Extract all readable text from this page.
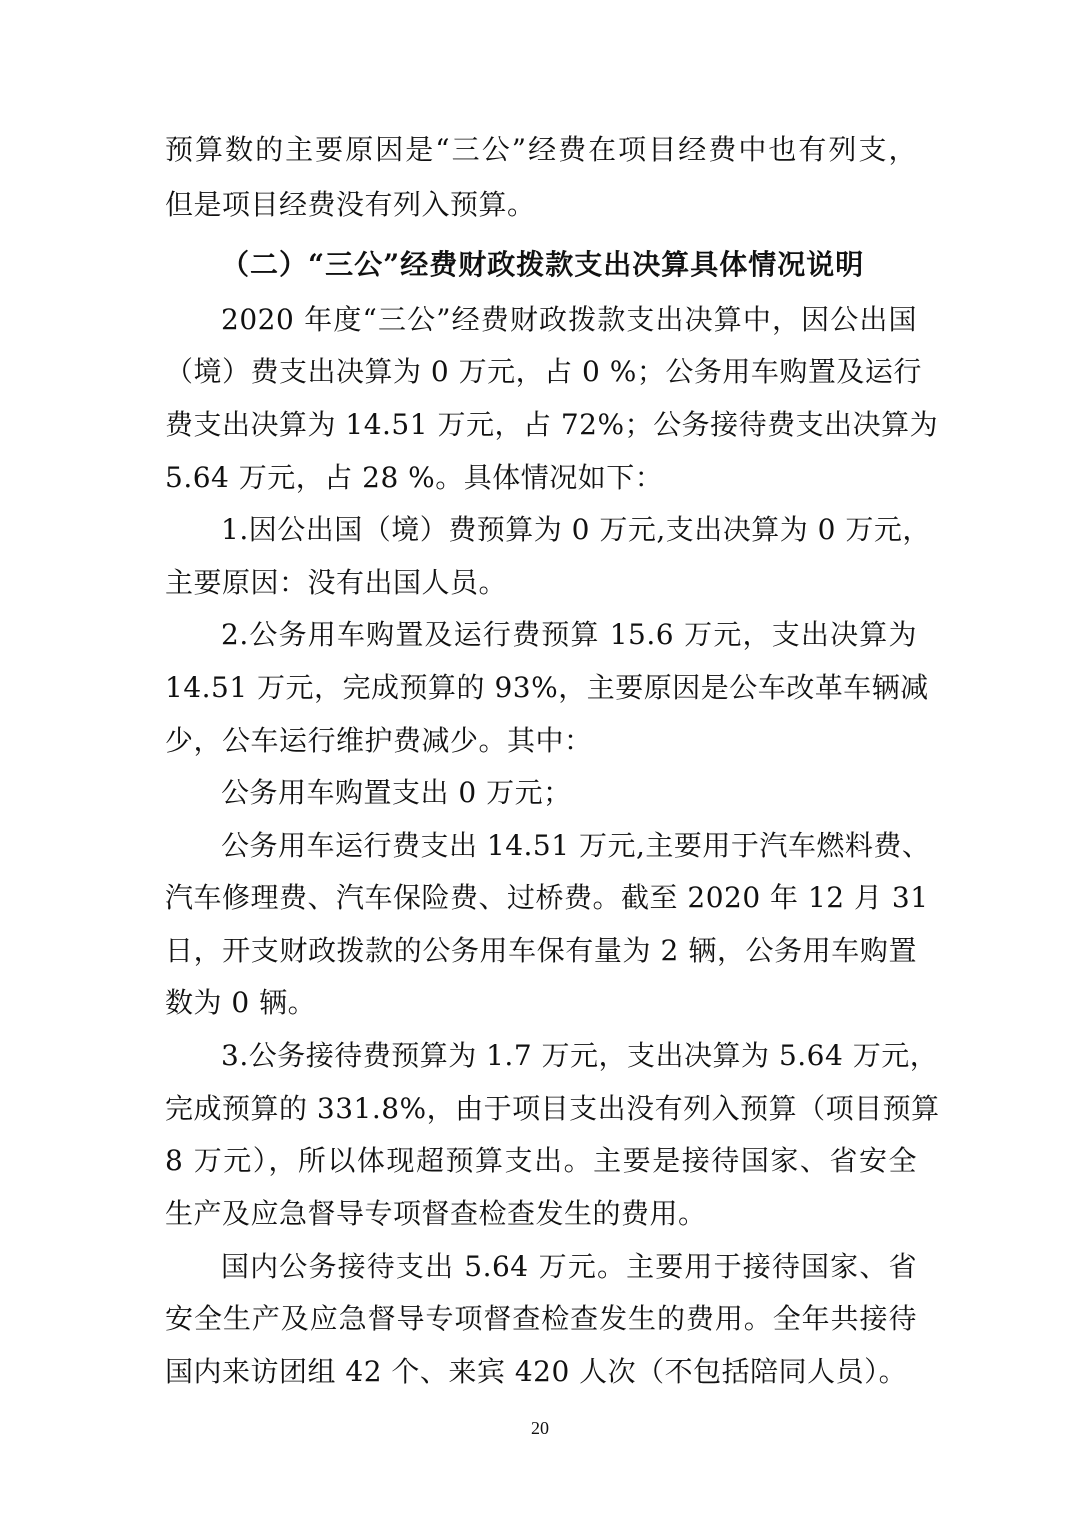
预算数的主要原因是“三公”经费在项目经费中也有列支，
但是项目经费没有列入预算。
（二）“三公”经费财政拨款支出决算具体情况说明
2020 年度“三公”经费财政拨款支出决算中，因公出国
（境）费支出决算为 0 万元，占 0 %；公务用车购置及运行
费支出决算为 14.51 万元，占 72%；公务接待费支出决算为
5.64 万元，占 28 %。具体情况如下：
1.因公出国（境）费预算为 0 万元,支出决算为 0 万元，
主要原因：没有出国人员。
2.公务用车购置及运行费预算 15.6 万元，支出决算为
14.51 万元，完成预算的 93%，主要原因是公车改革车辆减
少，公车运行维护费减少。其中：
公务用车购置支出 0 万元；
公务用车运行费支出 14.51 万元,主要用于汽车燃料费、
汽车修理费、汽车保险费、过桥费。截至 2020 年 12 月 31
日，开支财政拨款的公务用车保有量为 2 辆，公务用车购置
数为 0 辆。
3.公务接待费预算为 1.7 万元，支出决算为 5.64 万元，
完成预算的 331.8%，由于项目支出没有列入预算（项目预算
8 万元），所以体现超预算支出。主要是接待国家、省安全
生产及应急督导专项督查检查发生的费用。
国内公务接待支出 5.64 万元。主要用于接待国家、省
安全生产及应急督导专项督查检查发生的费用。全年共接待
国内来访团组 42 个、来宾 420 人次（不包括陪同人员）。
20
